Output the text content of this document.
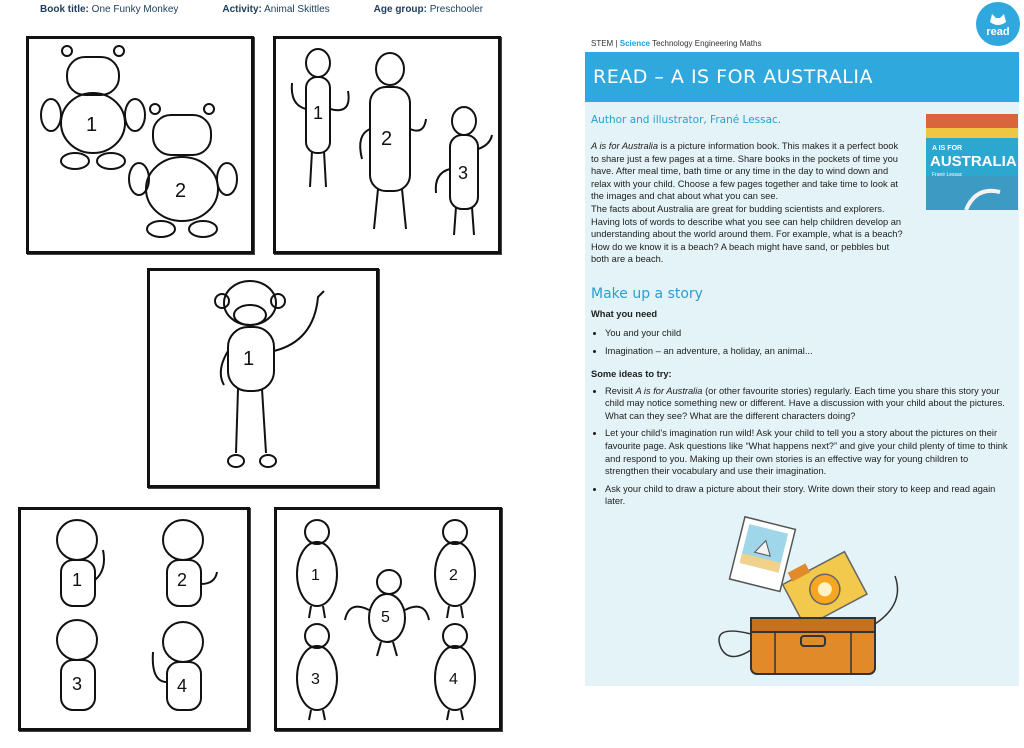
Book title: One Funky Monkey	Activity: Animal Skittles	Age group: Preschooler
1
2
1
2
3
1
1	2
3	4
1	2
5
3	4
read
STEM | Science Technology Engineering Maths
READ – A IS FOR AUSTRALIA
Author and illustrator, Frané Lessac.

A is for Australia is a picture information book. This makes it a perfect book to share just a few pages at a time. Share books in the pockets of time you have. After meal time, bath time or any time in the day to wind down and relax with your child. Choose a few pages together and take time to look at the images and chat about what you can see.

The facts about Australia are great for budding scientists and explorers. Having lots of words to describe what you see can help children develop an understanding about the world around them. For example, what is a beach? How do we know it is a beach? A beach might have sand, or pebbles but both are a beach.

A IS FOR
AUSTRALIA
Frané Lessac
Make up a story

What you need

• You and your child
• Imagination – an adventure, a holiday, an animal...

Some ideas to try:

• Revisit A is for Australia (or other favourite stories) regularly. Each time you share this story your child may notice something new or different. Have a discussion with your child about the pictures. What can they see? What are the different characters doing?
• Let your child’s imagination run wild! Ask your child to tell you a story about the pictures on their favourite page. Ask questions like “What happens next?” and give your child plenty of time to think and respond to you. Making up their own stories is an effective way for young children to strengthen their vocabulary and use their imagination.
• Ask your child to draw a picture about their story. Write down their story to keep and read again later.
